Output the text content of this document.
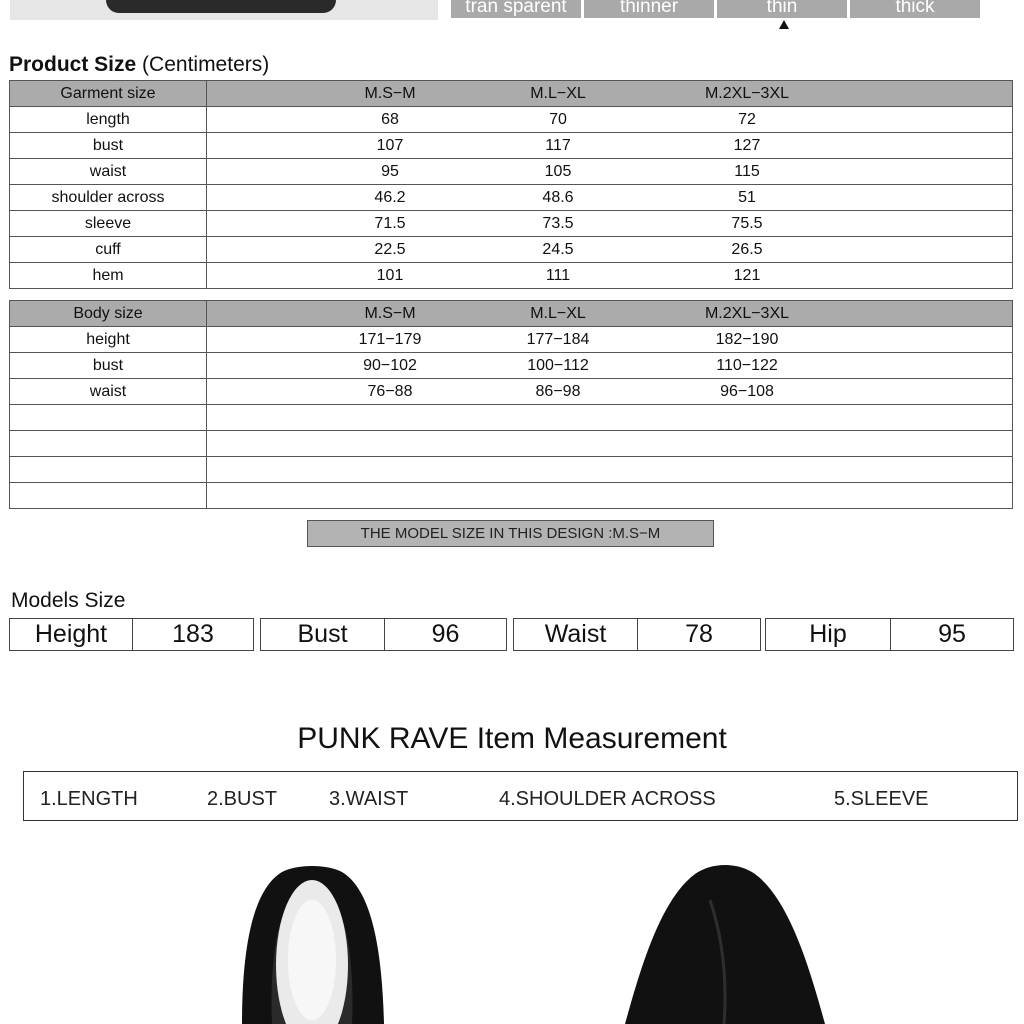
tran sparent	thinner	thin	thick
Product Size (Centimeters)
Garment size	M.S−M M.L−XL M.2XL−3XL

length	68 70 72

bust	107 117 127

waist	95 105 115

shoulder across	46.2 48.6 51

sleeve	71.5 73.5 75.5

cuff	22.5 24.5 26.5

hem	101 111 121
Body size	M.S−M M.L−XL M.2XL−3XL

height	171−179 177−184 182−190

bust	90−102 100−112 110−122

waist	76−88 86−98 96−108

THE MODEL SIZE IN THIS DESIGN :M.S−M
Models Size
Height	183	Bust	96	Waist	78	Hip	95
PUNK RAVE Item Measurement
1.LENGTH	2.BUST	3.WAIST	4.SHOULDER ACROSS	5.SLEEVE
